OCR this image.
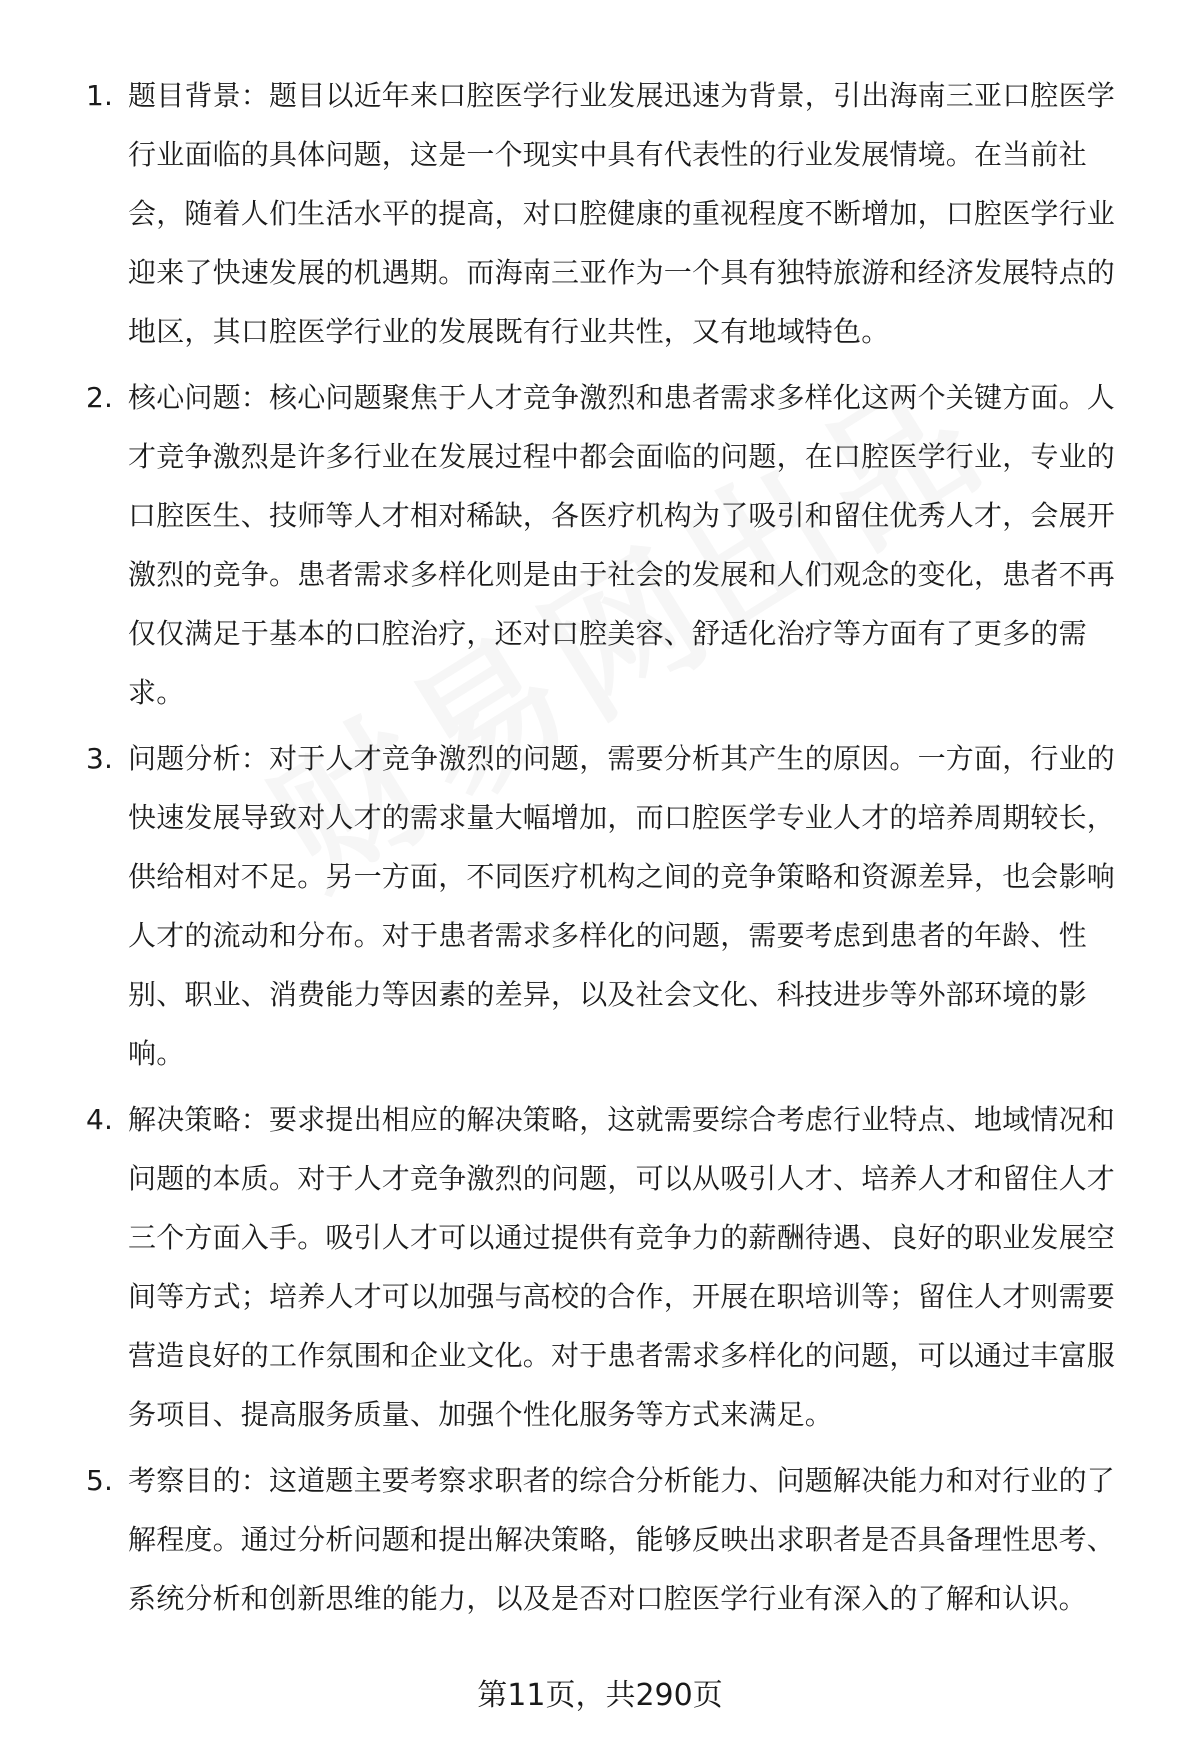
1. 题目背景：题目以近年来口腔医学行业发展迅速为背景，引出海南三亚口腔医学行业面临的具体问题，这是一个现实中具有代表性的行业发展情境。在当前社会，随着人们生活水平的提高，对口腔健康的重视程度不断增加，口腔医学行业迎来了快速发展的机遇期。而海南三亚作为一个具有独特旅游和经济发展特点的地区，其口腔医学行业的发展既有行业共性，又有地域特色。
2. 核心问题：核心问题聚焦于人才竞争激烈和患者需求多样化这两个关键方面。人才竞争激烈是许多行业在发展过程中都会面临的问题，在口腔医学行业，专业的口腔医生、技师等人才相对稀缺，各医疗机构为了吸引和留住优秀人才，会展开激烈的竞争。患者需求多样化则是由于社会的发展和人们观念的变化，患者不再仅仅满足于基本的口腔治疗，还对口腔美容、舒适化治疗等方面有了更多的需求。
3. 问题分析：对于人才竞争激烈的问题，需要分析其产生的原因。一方面，行业的快速发展导致对人才的需求量大幅增加，而口腔医学专业人才的培养周期较长，供给相对不足。另一方面，不同医疗机构之间的竞争策略和资源差异，也会影响人才的流动和分布。对于患者需求多样化的问题，需要考虑到患者的年龄、性别、职业、消费能力等因素的差异，以及社会文化、科技进步等外部环境的影响。
4. 解决策略：要求提出相应的解决策略，这就需要综合考虑行业特点、地域情况和问题的本质。对于人才竞争激烈的问题，可以从吸引人才、培养人才和留住人才三个方面入手。吸引人才可以通过提供有竞争力的薪酬待遇、良好的职业发展空间等方式；培养人才可以加强与高校的合作，开展在职培训等；留住人才则需要营造良好的工作氛围和企业文化。对于患者需求多样化的问题，可以通过丰富服务项目、提高服务质量、加强个性化服务等方式来满足。
5. 考察目的：这道题主要考察求职者的综合分析能力、问题解决能力和对行业的了解程度。通过分析问题和提出解决策略，能够反映出求职者是否具备理性思考、系统分析和创新思维的能力，以及是否对口腔医学行业有深入的了解和认识。
第11页，共290页
